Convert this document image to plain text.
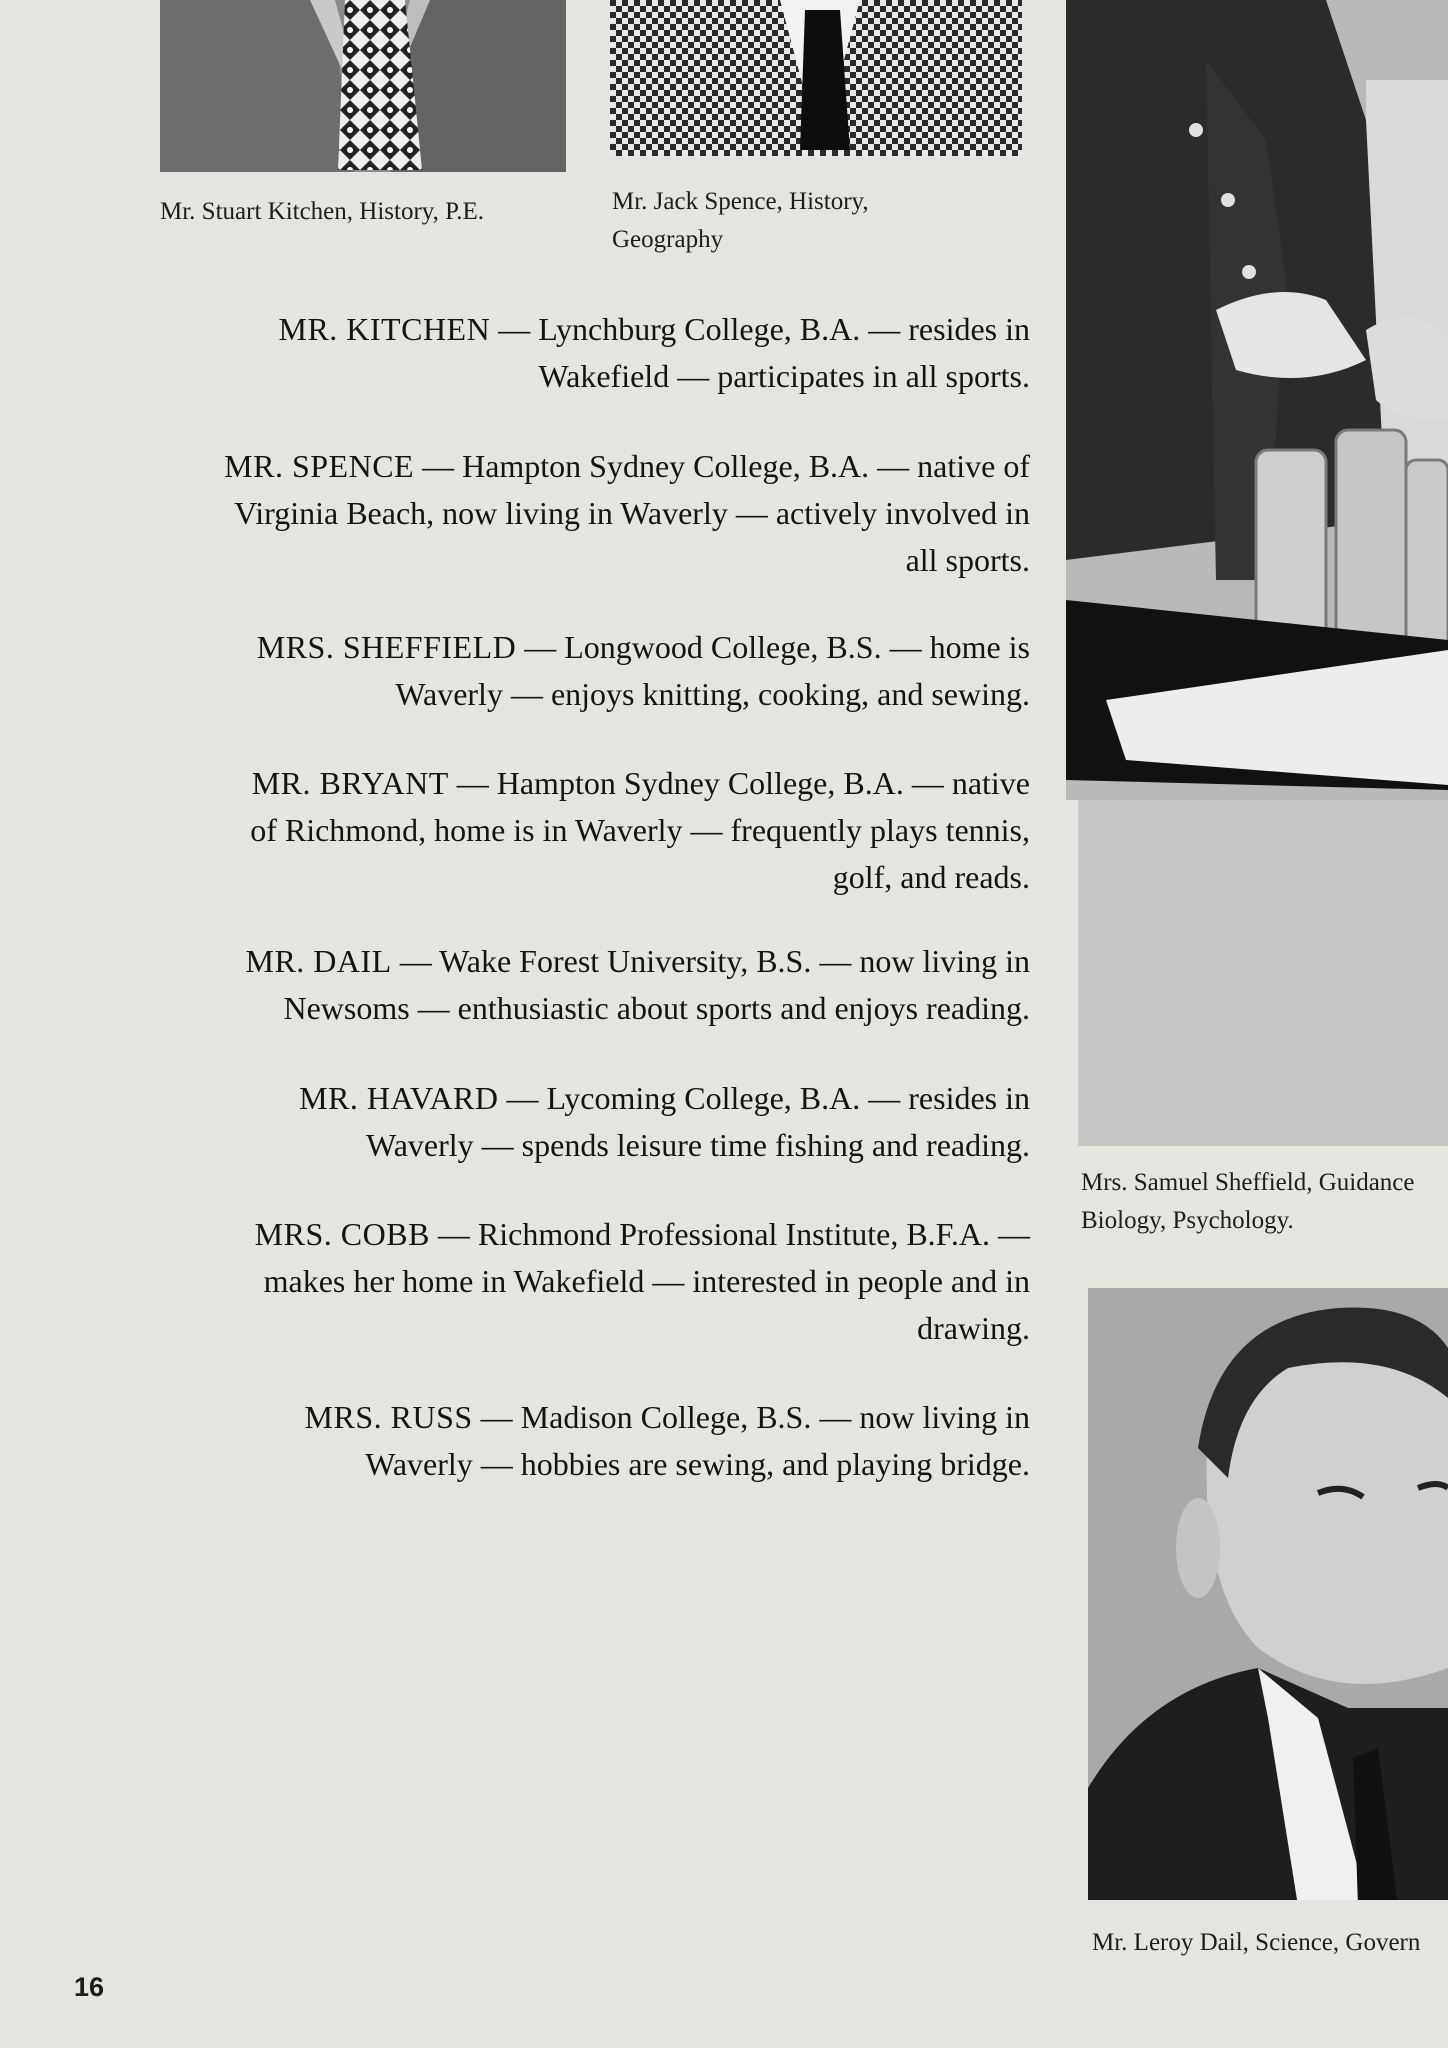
Mr. Stuart Kitchen, History, P.E.	Mr. Jack Spence, History,
Geography
Mrs. Samuel Sheffield, Guidance
Biology, Psychology.
Mr. Leroy Dail, Science, Govern
MR. KITCHEN — Lynchburg College, B.A. — resides in
Wakefield — participates in all sports.
MR. SPENCE — Hampton Sydney College, B.A. — native of
Virginia Beach, now living in Waverly — actively involved in
all sports.
MRS. SHEFFIELD — Longwood College, B.S. — home is
Waverly — enjoys knitting, cooking, and sewing.
MR. BRYANT — Hampton Sydney College, B.A. — native
of Richmond, home is in Waverly — frequently plays tennis,
golf, and reads.
MR. DAIL — Wake Forest University, B.S. — now living in
Newsoms — enthusiastic about sports and enjoys reading.
MR. HAVARD — Lycoming College, B.A. — resides in
Waverly — spends leisure time fishing and reading.
MRS. COBB — Richmond Professional Institute, B.F.A. —
makes her home in Wakefield — interested in people and in
drawing.
MRS. RUSS — Madison College, B.S. — now living in
Waverly — hobbies are sewing, and playing bridge.
16
